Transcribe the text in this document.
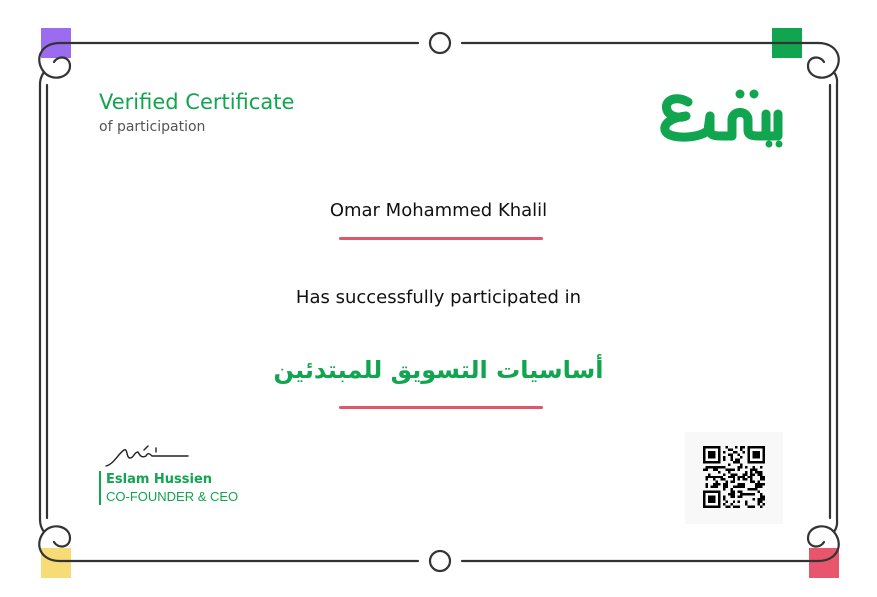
Verified Certificate
of participation
Omar Mohammed Khalil
Has successfully participated in
أساسيات التسويق للمبتدئين
Eslam Hussien
CO-FOUNDER & CEO
